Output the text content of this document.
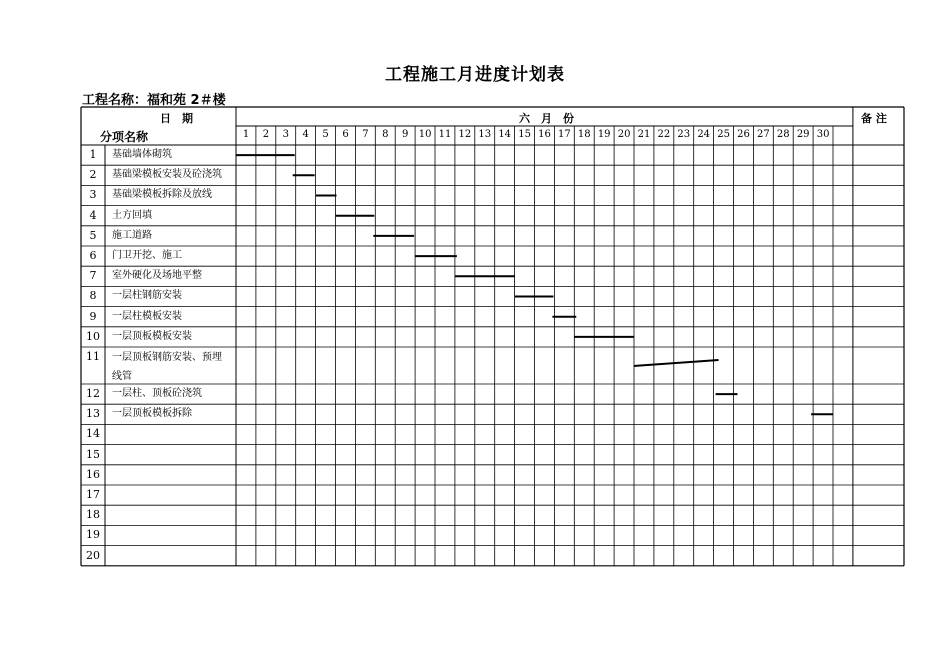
工程施工月进度计划表
工程名称：福和苑 2＃楼
日　期
分项名称
六　月　份	备 注
1	2	3	4	5	6	7	8	9	10 11 12 13 14 15 16 17 18 19 20 21 22 23 24 25 26 27 28 29 30
1	基础墙体砌筑
2	基础梁模板安装及砼浇筑
3	基础梁模板拆除及放线
4	土方回填
5	施工道路
6	门卫开挖、施工
7	室外硬化及场地平整
8	一层柱钢筋安装
9	一层柱模板安装
10	一层顶板模板安装
11	一层顶板钢筋安装、预埋线管
12	一层柱、顶板砼浇筑
13	一层顶板模板拆除
14
15
16
17
18
19
20
